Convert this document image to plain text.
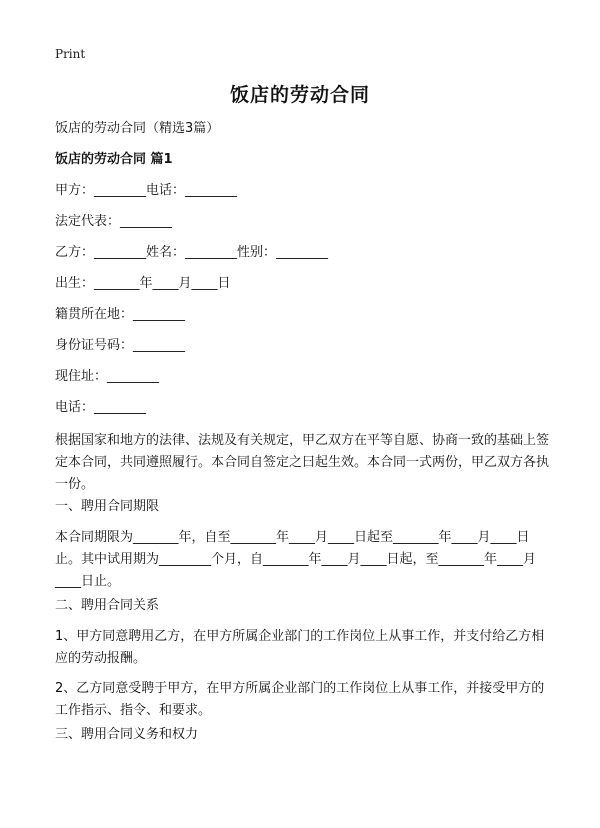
Print
饭店的劳动合同
饭店的劳动合同（精选3篇）
饭店的劳动合同 篇1
甲方：________电话：________
法定代表：________
乙方：________姓名：________性别：________
出生：_______年____月____日
籍贯所在地：________
身份证号码：________
现住址：________
电话：________
根据国家和地方的法律、法规及有关规定，甲乙双方在平等自愿、协商一致的基础上签定本合同，共同遵照履行。本合同自签定之曰起生效。本合同一式两份，甲乙双方各执一份。
一、聘用合同期限
本合同期限为_______年，自至_______年____月____日起至_______年____月____日止。其中试用期为________个月，自_______年____月____日起，至_______年____月____日止。
二、聘用合同关系
1、甲方同意聘用乙方，在甲方所属企业部门的工作岗位上从事工作，并支付给乙方相应的劳动报酬。
2、乙方同意受聘于甲方，在甲方所属企业部门的工作岗位上从事工作，并接受甲方的工作指示、指令、和要求。
三、聘用合同义务和权力
